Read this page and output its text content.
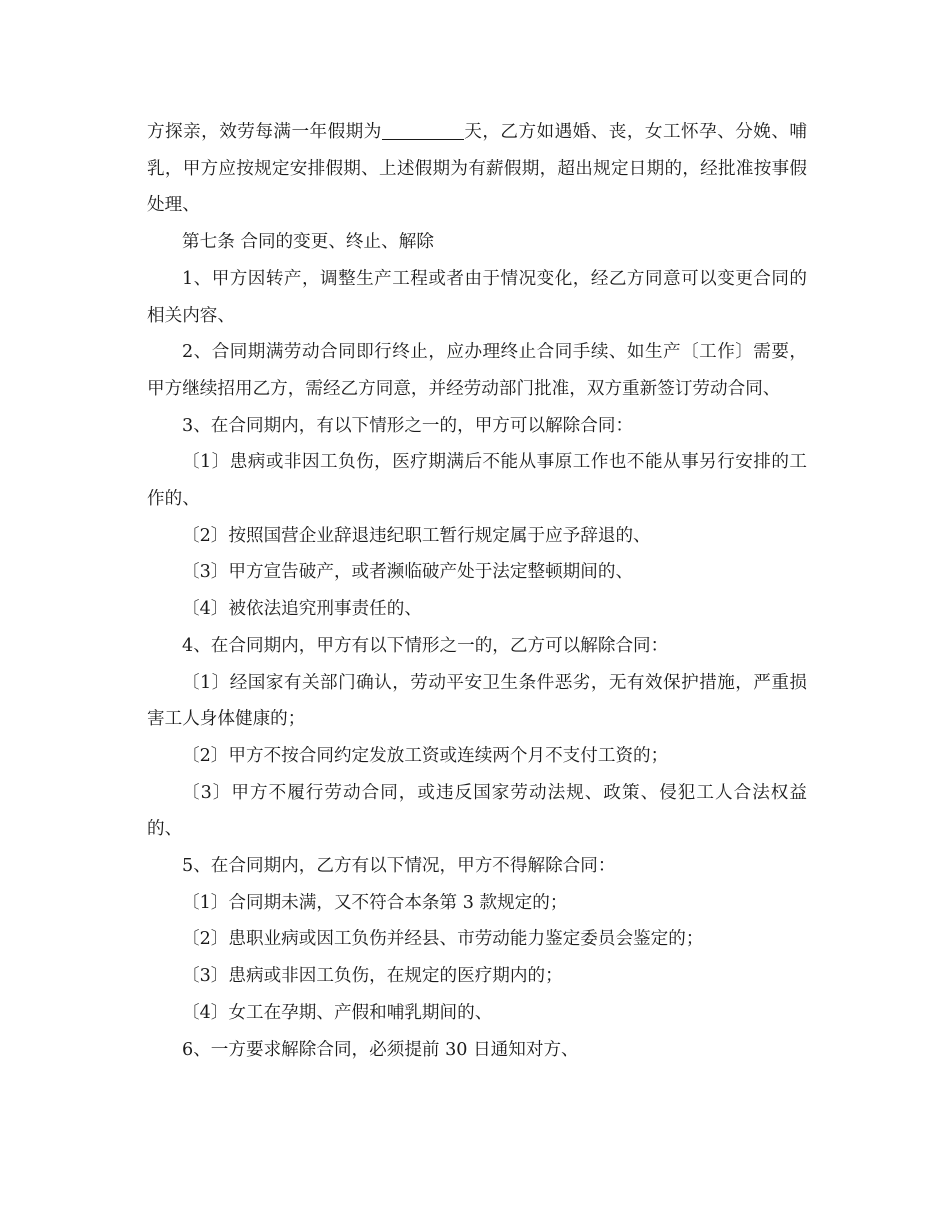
方探亲，效劳每满一年假期为	天，乙方如遇婚、丧，女工怀孕、分娩、哺乳，甲方应按规定安排假期、上述假期为有薪假期，超出规定日期的，经批准按事假处理、

第七条 合同的变更、终止、解除

1、甲方因转产，调整生产工程或者由于情况变化，经乙方同意可以变更合同的相关内容、

2、合同期满劳动合同即行终止，应办理终止合同手续、如生产〔工作〕需要，甲方继续招用乙方，需经乙方同意，并经劳动部门批准，双方重新签订劳动合同、

3、在合同期内，有以下情形之一的，甲方可以解除合同：

〔1〕患病或非因工负伤，医疗期满后不能从事原工作也不能从事另行安排的工作的、

〔2〕按照国营企业辞退违纪职工暂行规定属于应予辞退的、

〔3〕甲方宣告破产，或者濒临破产处于法定整顿期间的、

〔4〕被依法追究刑事责任的、

4、在合同期内，甲方有以下情形之一的，乙方可以解除合同：

〔1〕经国家有关部门确认，劳动平安卫生条件恶劣，无有效保护措施，严重损害工人身体健康的；

〔2〕甲方不按合同约定发放工资或连续两个月不支付工资的；

〔3〕甲方不履行劳动合同，或违反国家劳动法规、政策、侵犯工人合法权益的、

5、在合同期内，乙方有以下情况，甲方不得解除合同：

〔1〕合同期未满，又不符合本条第 3 款规定的；

〔2〕患职业病或因工负伤并经县、市劳动能力鉴定委员会鉴定的；

〔3〕患病或非因工负伤，在规定的医疗期内的；

〔4〕女工在孕期、产假和哺乳期间的、

6、一方要求解除合同，必须提前 30 日通知对方、
